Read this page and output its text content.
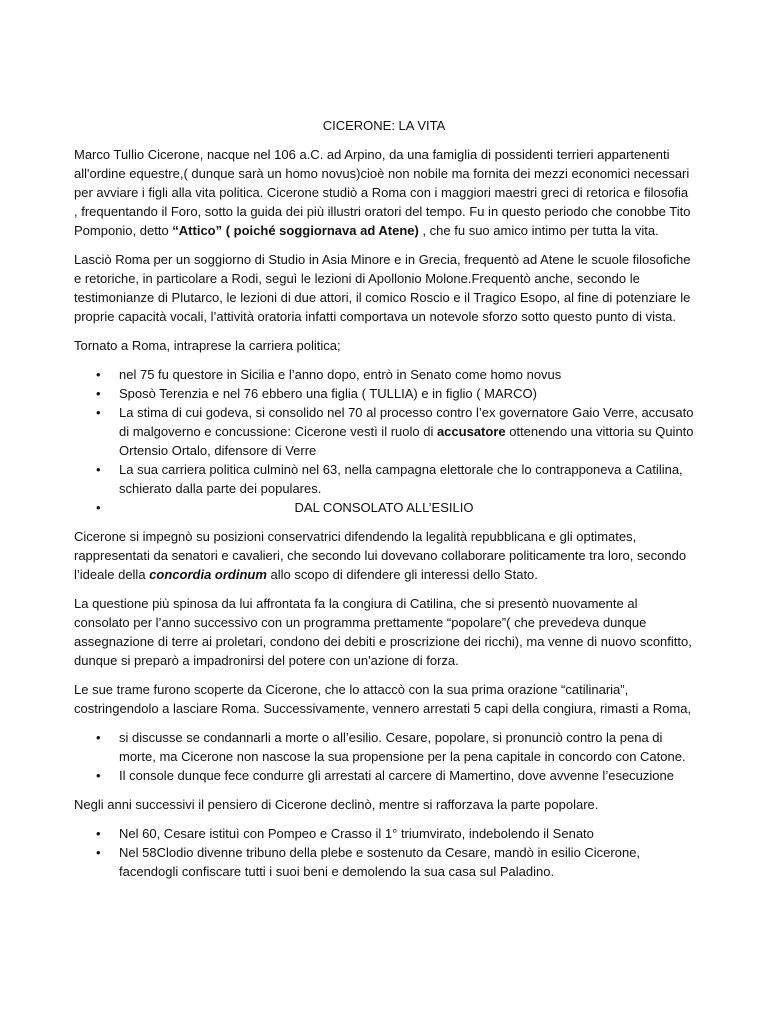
CICERONE: LA VITA

Marco Tullio Cicerone, nacque nel 106 a.C. ad Arpino, da una famiglia di possidenti terrieri appartenenti all'ordine equestre,( dunque sarà un homo novus)cioè non nobile ma fornita dei mezzi economici necessari per avviare i figli alla vita politica. Cicerone studiò a Roma con i maggiori maestri greci di retorica e filosofia , frequentando il Foro, sotto la guida dei più illustri oratori del tempo. Fu in questo periodo che conobbe Tito Pomponio, detto “Attico” ( poiché soggiornava ad Atene) , che fu suo amico intimo per tutta la vita.

Lasciò Roma per un soggiorno di Studio in Asia Minore e in Grecia, frequentò ad Atene le scuole filosofiche e retoriche, in particolare a Rodi, seguì le lezioni di Apollonio Molone.Frequentò anche, secondo le testimonianze di Plutarco, le lezioni di due attori, il comico Roscio e il Tragico Esopo, al fine di potenziare le proprie capacità vocali, l’attività oratoria infatti comportava un notevole sforzo sotto questo punto di vista.

Tornato a Roma, intraprese la carriera politica;

• nel 75 fu questore in Sicilia e l’anno dopo, entrò in Senato come homo novus
• Sposò Terenzia e nel 76 ebbero una figlia ( TULLIA) e in figlio ( MARCO)
• La stima di cui godeva, si consolido nel 70 al processo contro l’ex governatore Gaio Verre, accusato di malgoverno e concussione: Cicerone vestì il ruolo di accusatore ottenendo una vittoria su Quinto Ortensio Ortalo, difensore di Verre
• La sua carriera politica culminò nel 63, nella campagna elettorale che lo contrapponeva a Catilina, schierato dalla parte dei populares.
•	DAL CONSOLATO ALL’ESILIO

Cicerone si impegnò su posizioni conservatrici difendendo la legalità repubblicana e gli optimates, rappresentati da senatori e cavalieri, che secondo lui dovevano collaborare politicamente tra loro, secondo l’ideale della concordia ordinum allo scopo di difendere gli interessi dello Stato.

La questione più spinosa da lui affrontata fa la congiura di Catilina, che si presentò nuovamente al consolato per l’anno successivo con un programma prettamente “popolare”( che prevedeva dunque assegnazione di terre ai proletari, condono dei debiti e proscrizione dei ricchi), ma venne di nuovo sconfitto, dunque si preparò a impadronirsi del potere con un'azione di forza.

Le sue trame furono scoperte da Cicerone, che lo attaccò con la sua prima orazione “catilinaria”, costringendolo a lasciare Roma. Successivamente, vennero arrestati 5 capi della congiura, rimasti a Roma,

• si discusse se condannarli a morte o all’esilio. Cesare, popolare, si pronunciò contro la pena di morte, ma Cicerone non nascose la sua propensione per la pena capitale in concordo con Catone.
• Il console dunque fece condurre gli arrestati al carcere di Mamertino, dove avvenne l’esecuzione

Negli anni successivi il pensiero di Cicerone declinò, mentre si rafforzava la parte popolare.

• Nel 60, Cesare istituì con Pompeo e Crasso il 1° triumvirato, indebolendo il Senato
• Nel 58Clodio divenne tribuno della plebe e sostenuto da Cesare, mandò in esilio Cicerone, facendogli confiscare tutti i suoi beni e demolendo la sua casa sul Paladino.
